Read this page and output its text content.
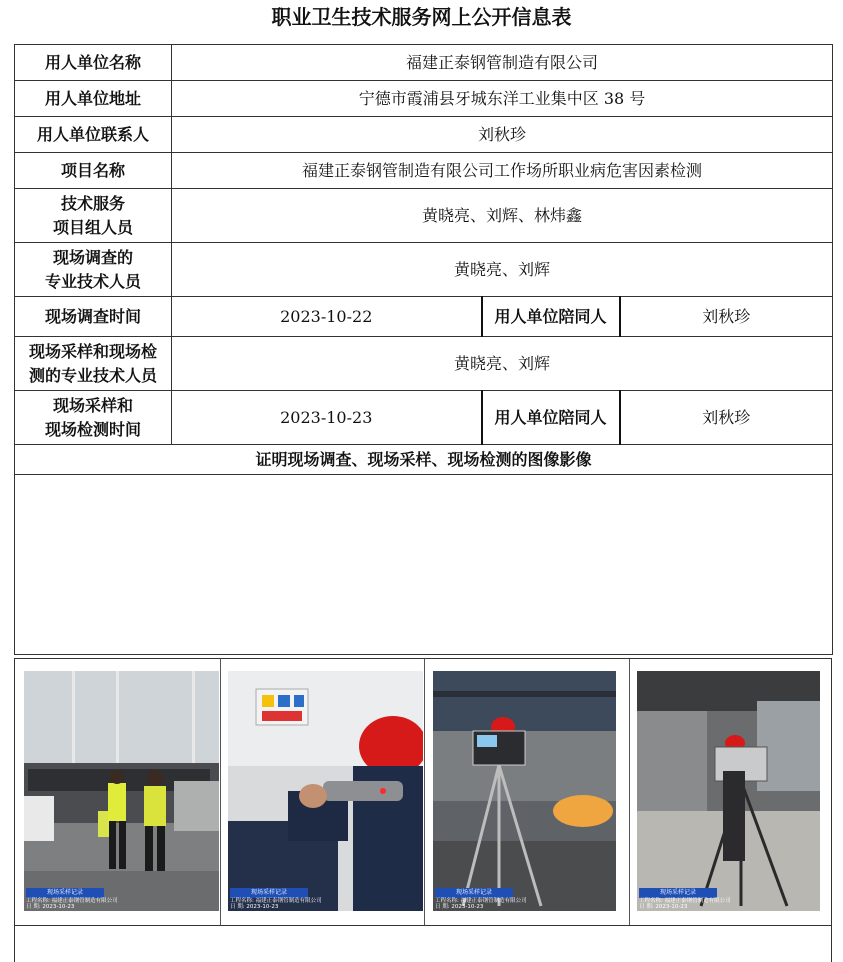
职业卫生技术服务网上公开信息表
用人单位名称	福建正泰钢管制造有限公司		
用人单位地址	宁德市霞浦县牙城东洋工业集中区 38 号		
用人单位联系人	刘秋珍		
项目名称	福建正泰钢管制造有限公司工作场所职业病危害因素检测		

技术服务
项目组人员	黄晓亮、刘辉、林炜鑫		

现场调查的
专业技术人员	黄晓亮、刘辉		
现场调查时间	2023-10-22	用人单位陪同人	刘秋珍

现场采样和现场检
测的专业技术人员	黄晓亮、刘辉		

现场采样和
现场检测时间	2023-10-23	用人单位陪同人	刘秋珍
证明现场调查、现场采样、现场检测的图像影像			

现场采样记录
工程名称: 福建正泰钢管制造有限公司
日 期: 2023-10-23
现场采样记录
工程名称: 福建正泰钢管制造有限公司
日 期: 2023-10-23
现场采样记录
工程名称: 福建正泰钢管制造有限公司
日 期: 2023-10-23
现场采样记录
工程名称: 福建正泰钢管制造有限公司
日 期: 2023-10-23
